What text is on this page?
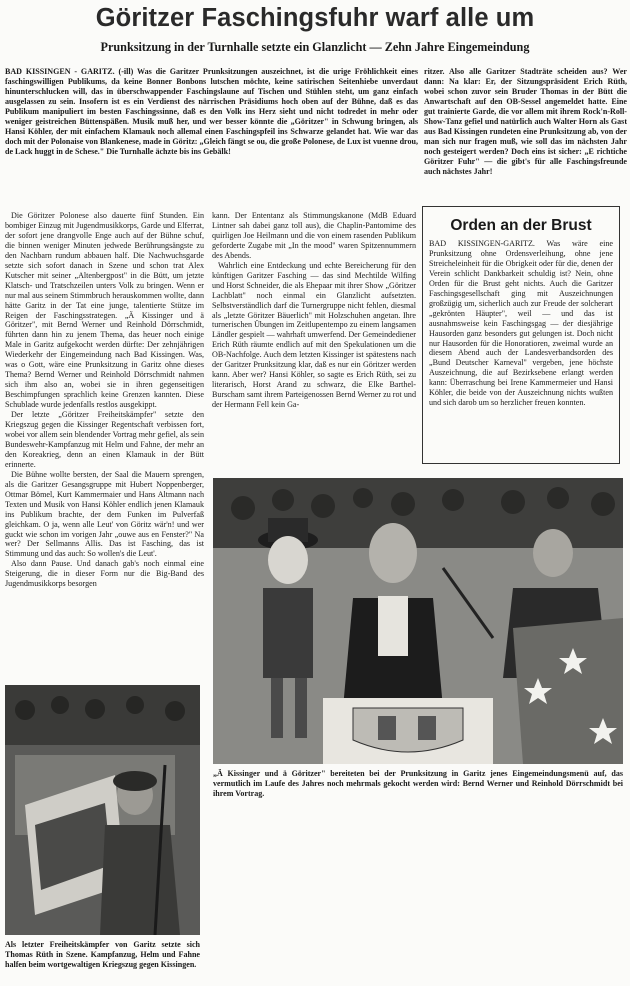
Göritzer Faschingsfuhr warf alle um
Prunksitzung in der Turnhalle setzte ein Glanzlicht — Zehn Jahre Eingemeindung
BAD KISSINGEN - GARITZ. (-ill) Was die Garitzer Prunksitzungen auszeichnet, ist die urige Fröhlichkeit eines faschingswilligen Publikums, da keine Bonner Bonbons lutschen möchte, keine satirischen Seitenhiebe unverdaut hinunterschlucken will, das in überschwappender Faschingslaune auf Tischen und Stühlen steht, um ganz einfach ausgelassen zu sein. Insofern ist es ein Verdienst des närrischen Präsidiums hoch oben auf der Bühne, daß es das Publikum manipuliert im besten Faschingssinne, daß es den Volk ins Herz sieht und nicht todredet in mehr oder weniger geistreichen Büttenspäßen. Musik muß her, und wer besser könnte die „Göritzer" in Schwung bringen, als Hansi Köhler, der mit einfachem Klamauk noch allemal einen Faschingspfeil ins Schwarze gelandet hat. Wie war das doch mit der Polonaise von Blankenese, made in Göritz: „Gleich fängt se ou, die große Polonese, de Lux ist vuenne drou, de Lack huggt in de Schese." Die Turnhalle ächzte bis ins Gebälk!
ritzer. Also alle Garitzer Stadträte scheiden aus? Wer dann: Na klar: Er, der Sitzungspräsident Erich Rüth, wobei schon zuvor sein Bruder Thomas in der Bütt die Anwartschaft auf den OB-Sessel angemeldet hatte. Eine gut trainierte Garde, die vor allem mit ihrem Rock'n-Roll-Show-Tanz gefiel und natürlich auch Walter Horn als Gast aus Bad Kissingen rundeten eine Prunksitzung ab, von der man sich nur fragen muß, wie soll das im nächsten Jahr noch gesteigert werden? Doch eins ist sicher: „E richtiche Göritzer Fuhr" — die gibt's für alle Faschingsfreunde auch nächstes Jahr!

Die Göritzer Polonese also dauerte fünf Stunden. Ein bombiger Einzug mit Jugendmusikkorps, Garde und Elferrat, der sofort jene drangvolle Enge auch auf der Bühne schuf, die binnen weniger Minuten jedwede Berührungsängste zu den Nachbarn rundum abbauen half. Die Nachwuchsgarde setzte sich sofort danach in Szene und schon trat Alex Kutscher mit seiner „Altenbergpost" in die Bütt, um jetzte Klatsch- und Tratschzeilen unters Volk zu bringen. Wenn er nur mal aus seinem Stimmbruch herauskommen wollte, dann hätte Garitz in der Tat eine junge, talentierte Stütze im Reigen der Faschingsstrategen. „Ä Kissinger und ä Göritzer", mit Bernd Werner und Reinhold Dörrschmidt, führten dann hin zu jenem Thema, das heuer noch einige Male in Garitz aufgekocht werden dürfte: Der zehnjährigen Wiederkehr der Eingemeindung nach Bad Kissingen. Was, was o Gott, wäre eine Prunksitzung in Garitz ohne dieses Thema? Bernd Werner und Reinhold Dörrschmidt nahmen sich ihm also an, wobei sie in ihren gegenseitigen Beschimpfungen sprachlich keine Grenzen kannten. Diese Schublade wurde jedenfalls restlos ausgekippt.

Der letzte „Göritzer Freiheitskämpfer" setzte den Kriegszug gegen die Kissinger Regentschaft verbissen fort, wobei vor allem sein blendender Vortrag mehr gefiel, als sein Bundeswehr-Kampfanzug mit Helm und Fahne, der mehr an den Koreakrieg, denn an einen Klamauk in der Bütt erinnerte.

Die Bühne wollte bersten, der Saal die Mauern sprengen, als die Garitzer Gesangsgruppe mit Hubert Noppenberger, Ottmar Bömel, Kurt Kammermaier und Hans Altmann nach Texten und Musik von Hansi Köhler endlich jenen Klamauk ins Publikum brachte, der dem Funken im Pulverfaß gleichkam. O ja, wenn alle Leut' von Göritz wär'n! und wer guckt wie schon im vorigen Jahr „ouwe aus en Fenster?" Na wer? Der Sellmanns Allis. Das ist Fasching, das ist Stimmung und das auch: So wollen's die Leut'.

Also dann Pause. Und danach gab's noch einmal eine Steigerung, die in dieser Form nur die Big-Band des Jugendmusikkorps besorgen

kann. Der Ententanz als Stimmungskanone (MdB Eduard Lintner sah dabei ganz toll aus), die Chaplin-Pantomime des quirligen Joe Heilmann und die von einem rasenden Publikum geforderte Zugabe mit „In the mood" waren Spitzennummern des Abends.

Wahrlich eine Entdeckung und echte Bereicherung für den künftigen Garitzer Fasching — das sind Mechtilde Wilfing und Horst Schneider, die als Ehepaar mit ihrer Show „Göritzer Lachblatt" noch einmal ein Glanzlicht aufsetzten. Selbstverständlich darf die Turnergruppe nicht fehlen, diesmal als „letzte Göritzer Bäuerlich" mit Holzschuhen angetan. Ihre turnerischen Übungen im Zeitlupentempo zu einem langsamen Ländler gespielt — wahrhaft umwerfend. Der Gemeindediener Erich Rüth räumte endlich auf mit den Spekulationen um die OB-Nachfolge. Auch dem letzten Kissinger ist spätestens nach der Garitzer Prunksitzung klar, daß es nur ein Göritzer werden kann. Aber wer? Hansi Köhler, so sagte es Erich Rüth, sei zu literarisch, Horst Arand zu schwarz, die Elke Barthel-Burscham samt ihrem Parteigenossen Bernd Werner zu rot und der Hermann Fell kein Ga-

Orden an der Brust
BAD KISSINGEN-GARITZ. Was wäre eine Prunksitzung ohne Ordensverleihung, ohne jene Streicheleinheit für die Obrigkeit oder für die, denen der Verein schlicht Dankbarkeit schuldig ist? Nein, ohne Orden für die Brust geht nichts. Auch die Garitzer Faschingsgesellschaft ging mit Auszeichnungen großzügig um, sicherlich auch zur Freude der solcherart „gekrönten Häupter", weil — und das ist ausnahmsweise kein Faschingsgag — der diesjährige Hausorden ganz besonders gut gelungen ist. Doch nicht nur Hausorden für die Honoratioren, zweimal wurde an diesem Abend auch der Landesverbandsorden des „Bund Deutscher Karneval" vergeben, jene höchste Auszeichnung, die auf Bezirksebene erlangt werden kann: Überraschung bei Irene Kammermeier und Hansi Köhler, die beide von der Auszeichnung nichts wußten und sich darob um so herzlicher freuen konnten.
„Ä Kissinger und ä Göritzer" bereiteten bei der Prunksitzung in Garitz jenes Eingemeindungsmenü auf, das vermutlich im Laufe des Jahres noch mehrmals gekocht werden wird: Bernd Werner und Reinhold Dörrschmidt bei ihrem Vortrag.
Als letzter Freiheitskämpfer von Garitz setzte sich Thomas Rüth in Szene. Kampfanzug, Helm und Fahne halfen beim wortgewaltigen Kriegszug gegen Kissingen.
